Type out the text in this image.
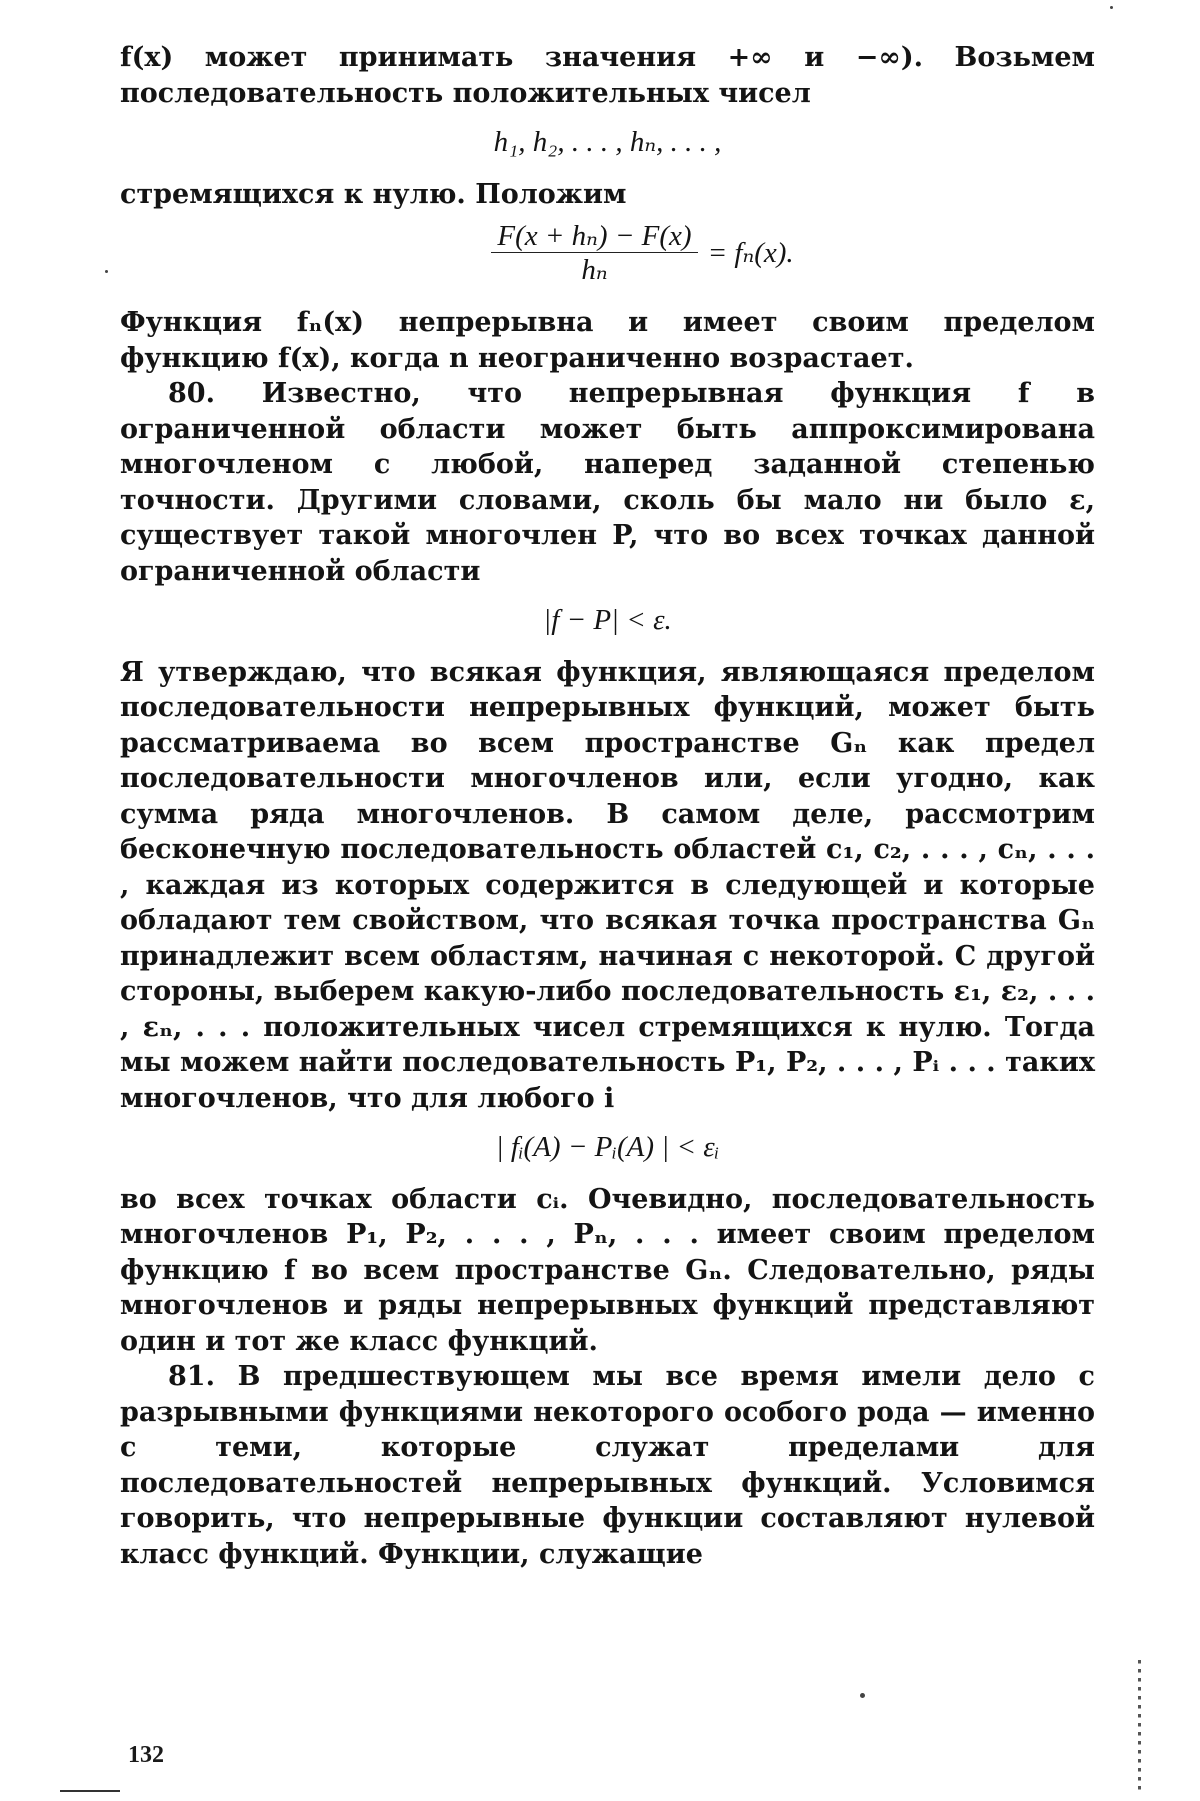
f(x) может принимать значения +∞ и −∞). Возьмем последовательность положительных чисел

h₁, h₂, . . . , hₙ, . . . ,

стремящихся к нулю. Положим

$\frac{\text{F(x + hₙ) − F(x)}}{\text{hₙ}} = f_n(x)$.

Функция fₙ(x) непрерывна и имеет своим пределом функцию f(x), когда n неограниченно возрастает.

80. Известно, что непрерывная функция f в ограниченной области может быть аппроксимирована многочленом с любой, наперед заданной степенью точности. Другими словами, сколь бы мало ни было ε, существует такой многочлен P, что во всех точках данной ограниченной области

|f − P| < ε.

Я утверждаю, что всякая функция, являющаяся пределом последовательности непрерывных функций, может быть рассматриваема во всем пространстве Gₙ как предел последовательности многочленов или, если угодно, как сумма ряда многочленов. В самом деле, рассмотрим бесконечную последовательность областей c₁, c₂, . . . , cₙ, . . . , каждая из которых содержится в следующей и которые обладают тем свойством, что всякая точка пространства Gₙ принадлежит всем областям, начиная с некоторой. С другой стороны, выберем какую-либо последовательность ε₁, ε₂, . . . , εₙ, . . . положительных чисел стремящихся к нулю. Тогда мы можем найти последовательность P₁, P₂, . . . , Pᵢ . . . таких многочленов, что для любого i

| fᵢ(A) − Pᵢ(A) | < εᵢ

во всех точках области cᵢ. Очевидно, последовательность многочленов P₁, P₂, . . . , Pₙ, . . . имеет своим пределом функцию f во всем пространстве Gₙ. Следовательно, ряды многочленов и ряды непрерывных функций представляют один и тот же класс функций.

81. В предшествующем мы все время имели дело с разрывными функциями некоторого особого рода — именно с теми, которые служат пределами для последовательностей непрерывных функций. Условимся говорить, что непрерывные функции составляют нулевой класс функций. Функции, служащие

132
